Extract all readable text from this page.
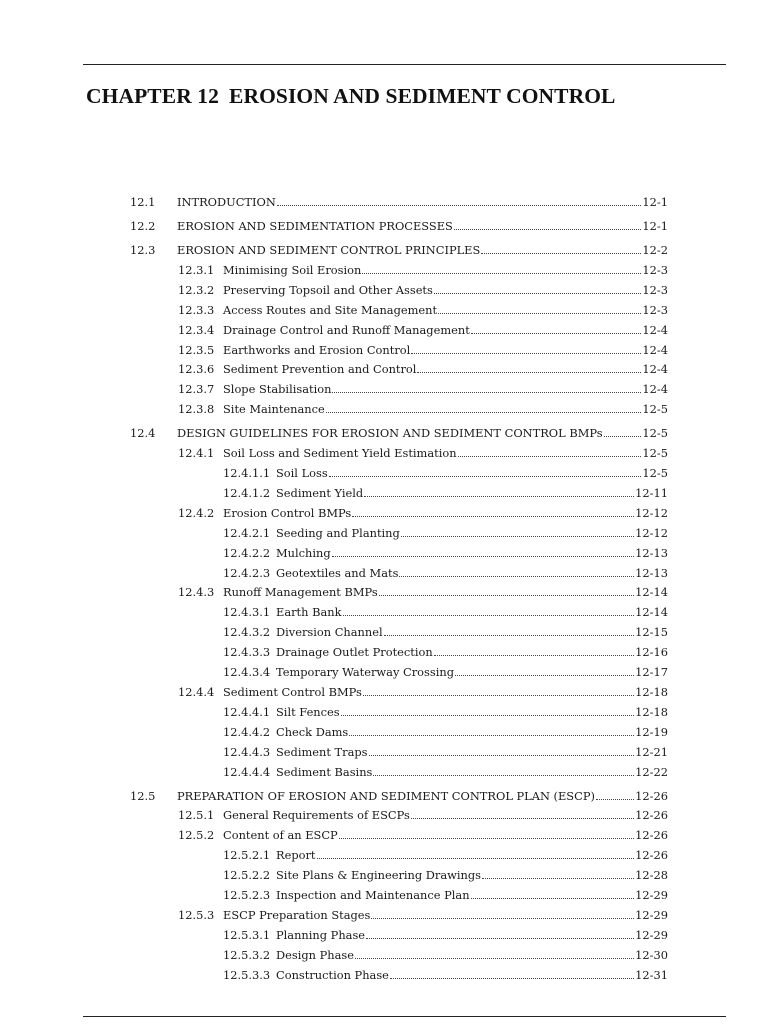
CHAPTER 12 EROSION AND SEDIMENT CONTROL
12.1	INTRODUCTION	12-1
12.2	EROSION AND SEDIMENTATION PROCESSES	12-1
12.3	EROSION AND SEDIMENT CONTROL PRINCIPLES	12-2
12.3.1 Minimising Soil Erosion	12-3
12.3.2 Preserving Topsoil and Other Assets	12-3
12.3.3 Access Routes and Site Management	12-3
12.3.4 Drainage Control and Runoff Management	12-4
12.3.5 Earthworks and Erosion Control	12-4
12.3.6 Sediment Prevention and Control	12-4
12.3.7 Slope Stabilisation	12-4
12.3.8 Site Maintenance	12-5
12.4	DESIGN GUIDELINES FOR EROSION AND SEDIMENT CONTROL BMPs	12-5
12.4.1 Soil Loss and Sediment Yield Estimation	12-5
12.4.1.1 Soil Loss	12-5
12.4.1.2 Sediment Yield	12-11
12.4.2 Erosion Control BMPs	12-12
12.4.2.1 Seeding and Planting	12-12
12.4.2.2 Mulching	12-13
12.4.2.3 Geotextiles and Mats	12-13
12.4.3 Runoff Management BMPs	12-14
12.4.3.1 Earth Bank	12-14
12.4.3.2 Diversion Channel	12-15
12.4.3.3 Drainage Outlet Protection	12-16
12.4.3.4 Temporary Waterway Crossing	12-17
12.4.4 Sediment Control BMPs	12-18
12.4.4.1 Silt Fences	12-18
12.4.4.2 Check Dams	12-19
12.4.4.3 Sediment Traps	12-21
12.4.4.4 Sediment Basins	12-22
12.5	PREPARATION OF EROSION AND SEDIMENT CONTROL PLAN (ESCP)	12-26
12.5.1 General Requirements of ESCPs	12-26
12.5.2 Content of an ESCP	12-26
12.5.2.1 Report	12-26
12.5.2.2 Site Plans & Engineering Drawings	12-28
12.5.2.3 Inspection and Maintenance Plan	12-29
12.5.3 ESCP Preparation Stages	12-29
12.5.3.1 Planning Phase	12-29
12.5.3.2 Design Phase	12-30
12.5.3.3 Construction Phase	12-31
